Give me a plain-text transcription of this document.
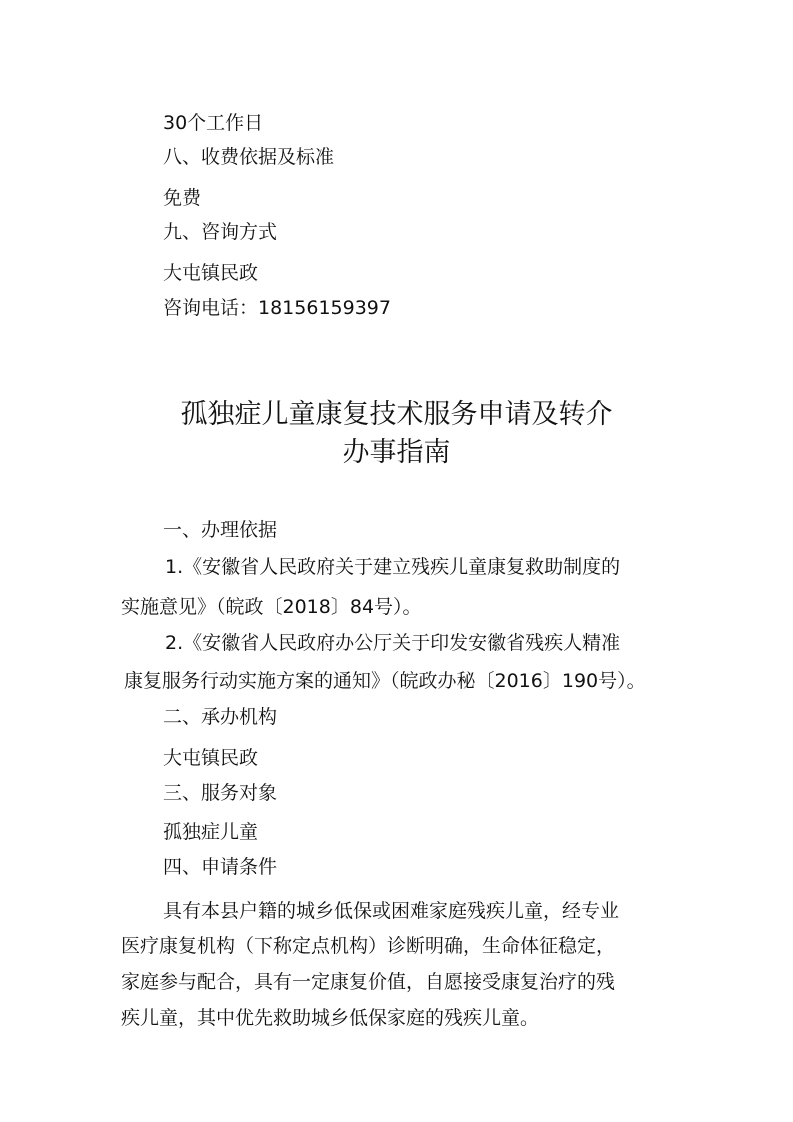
30个工作日
八、收费依据及标准
免费
九、咨询方式
大屯镇民政
咨询电话：18156159397
孤独症儿童康复技术服务申请及转介
办事指南
一、办理依据
1.《安徽省人民政府关于建立残疾儿童康复救助制度的
实施意见》（皖政〔2018〕84号）。
2.《安徽省人民政府办公厅关于印发安徽省残疾人精准
康复服务行动实施方案的通知》（皖政办秘〔2016〕190号）。
二、承办机构
大屯镇民政
三、服务对象
孤独症儿童
四、申请条件
具有本县户籍的城乡低保或困难家庭残疾儿童，经专业
医疗康复机构（下称定点机构）诊断明确，生命体征稳定，
家庭参与配合，具有一定康复价值，自愿接受康复治疗的残
疾儿童，其中优先救助城乡低保家庭的残疾儿童。
